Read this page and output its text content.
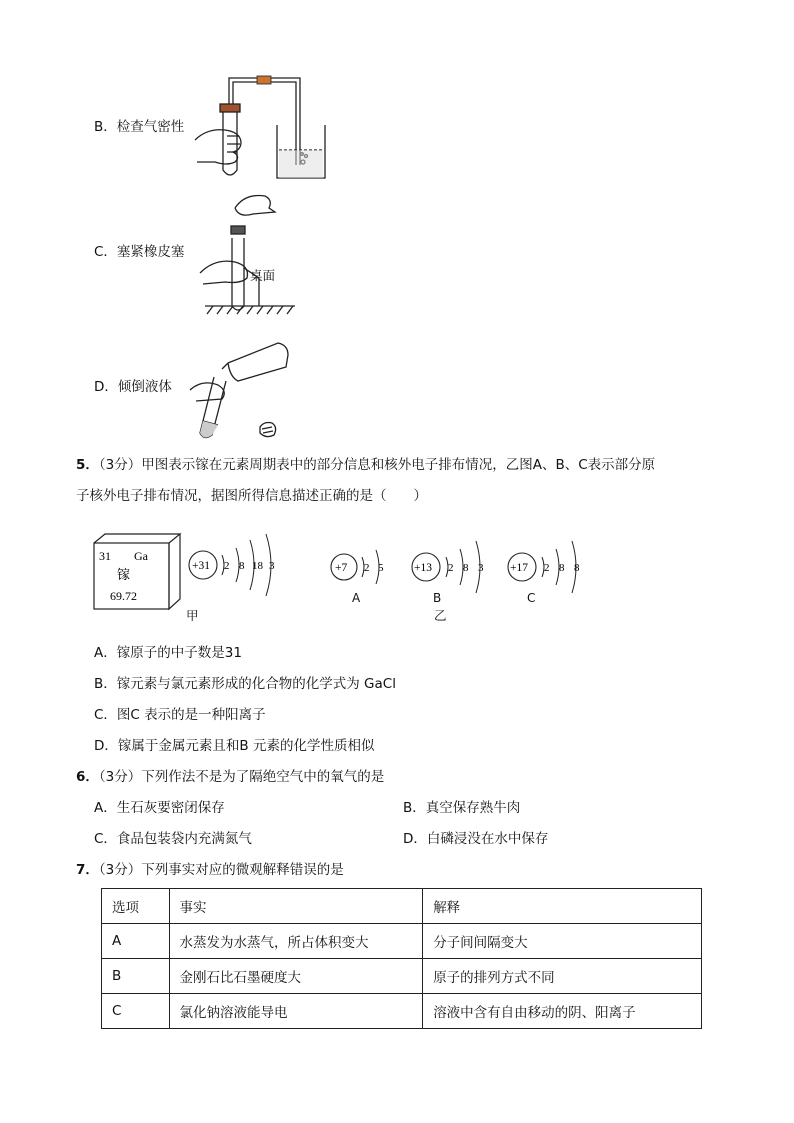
B．检查气密性
C．塞紧橡皮塞
桌面
D．倾倒液体
5．（3分）甲图表示镓在元素周期表中的部分信息和核外电子排布情况，乙图A、B、C表示部分原
子核外电子排布情况，据图所得信息描述正确的是（　　）
31 Ga
镓
69.72
+31 2 8 18 3
甲
+7 2 5
A
+13 2 8 3
B
乙
+17 2 8 8
C
A．镓原子的中子数是31
B．镓元素与氯元素形成的化合物的化学式为 GaCl
C．图C 表示的是一种阳离子
D．镓属于金属元素且和B 元素的化学性质相似
6．（3分）下列作法不是为了隔绝空气中的氧气的是
A．生石灰要密闭保存	B．真空保存熟牛肉
C．食品包装袋内充满氮气	D．白磷浸没在水中保存
7．（3分）下列事实对应的微观解释错误的是
选项	事实	解释
A	水蒸发为水蒸气，所占体积变大	分子间间隔变大
B	金刚石比石墨硬度大	原子的排列方式不同
C	氯化钠溶液能导电	溶液中含有自由移动的阴、阳离子
